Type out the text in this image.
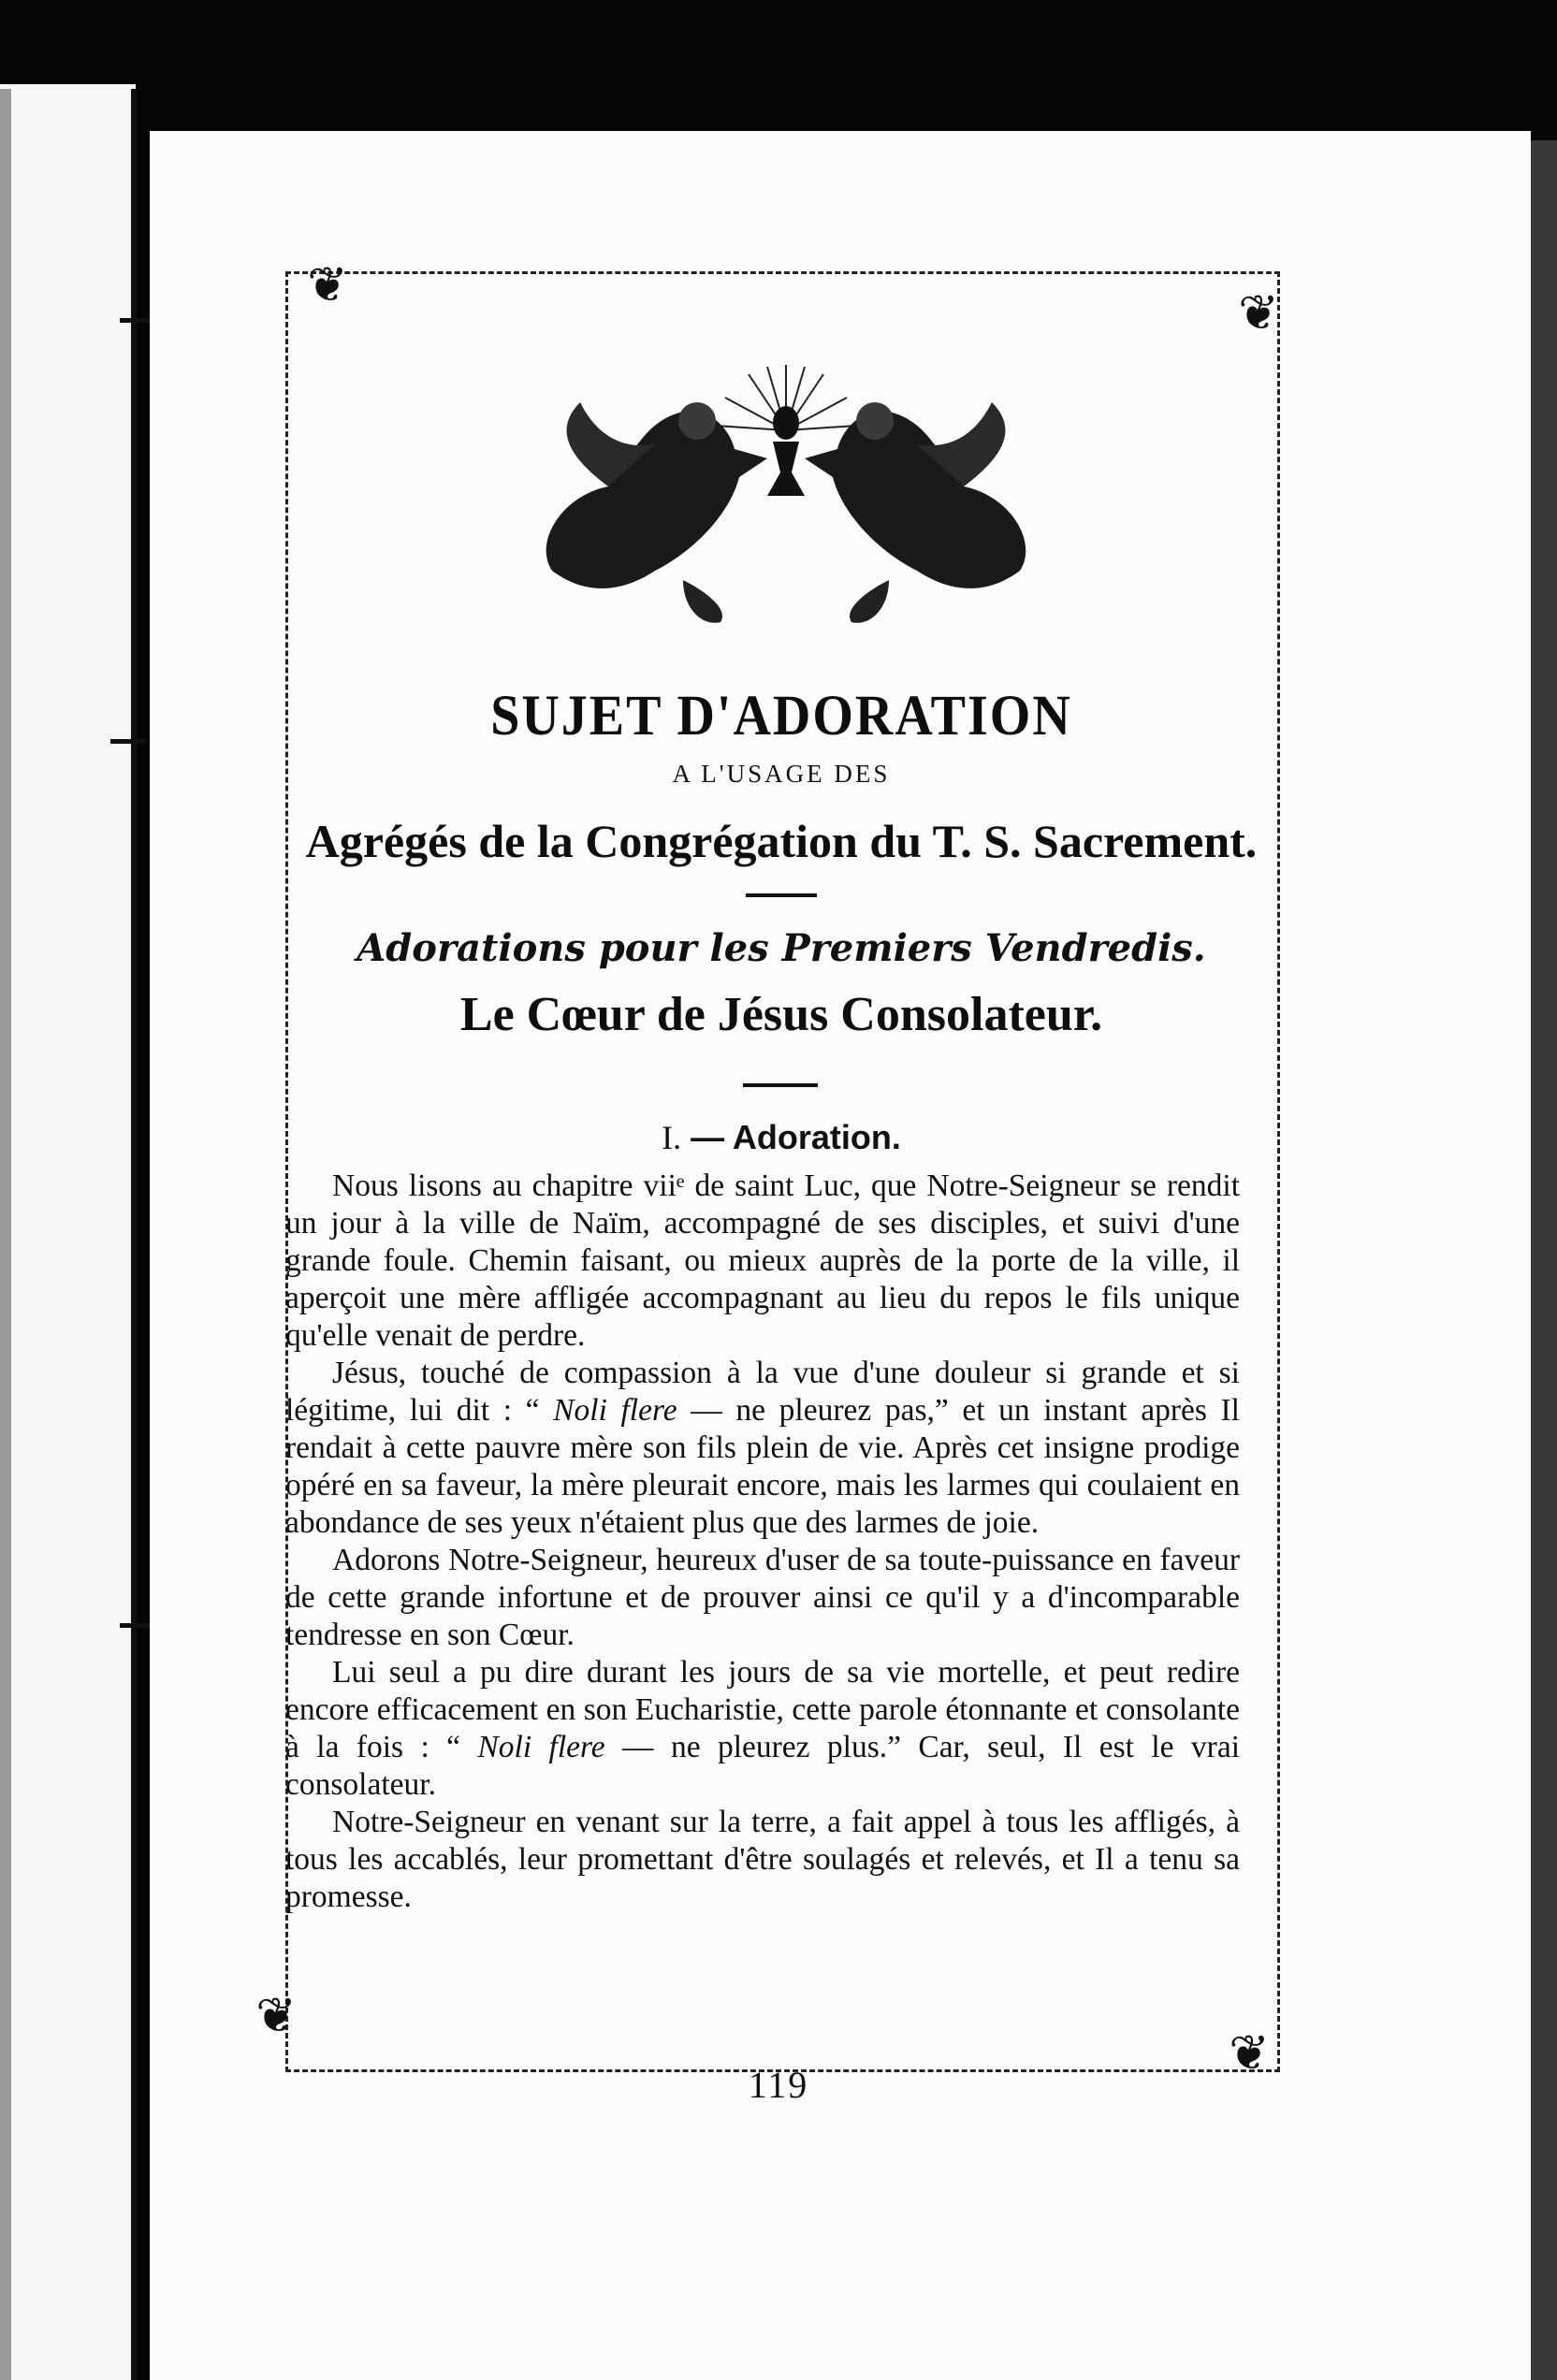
❦	❦
❦
❦
SUJET D'ADORATION
A L'USAGE DES
Agrégés de la Congrégation du T. S. Sacrement.
Adorations pour les Premiers Vendredis.
Le Cœur de Jésus Consolateur.
I. — Adoration.

Nous lisons au chapitre viiᵉ de saint Luc, que Notre-Seigneur se rendit un jour à la ville de Naïm, accompagné de ses disciples, et suivi d'une grande foule. Chemin faisant, ou mieux auprès de la porte de la ville, il aperçoit une mère affligée accompagnant au lieu du repos le fils unique qu'elle venait de perdre.

Jésus, touché de compassion à la vue d'une douleur si grande et si légitime, lui dit : “ Noli flere — ne pleurez pas,” et un instant après Il rendait à cette pauvre mère son fils plein de vie. Après cet insigne prodige opéré en sa faveur, la mère pleurait encore, mais les larmes qui coulaient en abondance de ses yeux n'étaient plus que des larmes de joie.

Adorons Notre-Seigneur, heureux d'user de sa toute-puissance en faveur de cette grande infortune et de prouver ainsi ce qu'il y a d'incomparable tendresse en son Cœur.

Lui seul a pu dire durant les jours de sa vie mortelle, et peut redire encore efficacement en son Eucharistie, cette parole étonnante et consolante à la fois : “ Noli flere — ne pleurez plus.” Car, seul, Il est le vrai consolateur.

Notre-Seigneur en venant sur la terre, a fait appel à tous les affligés, à tous les accablés, leur promettant d'être soulagés et relevés, et Il a tenu sa promesse.

119
